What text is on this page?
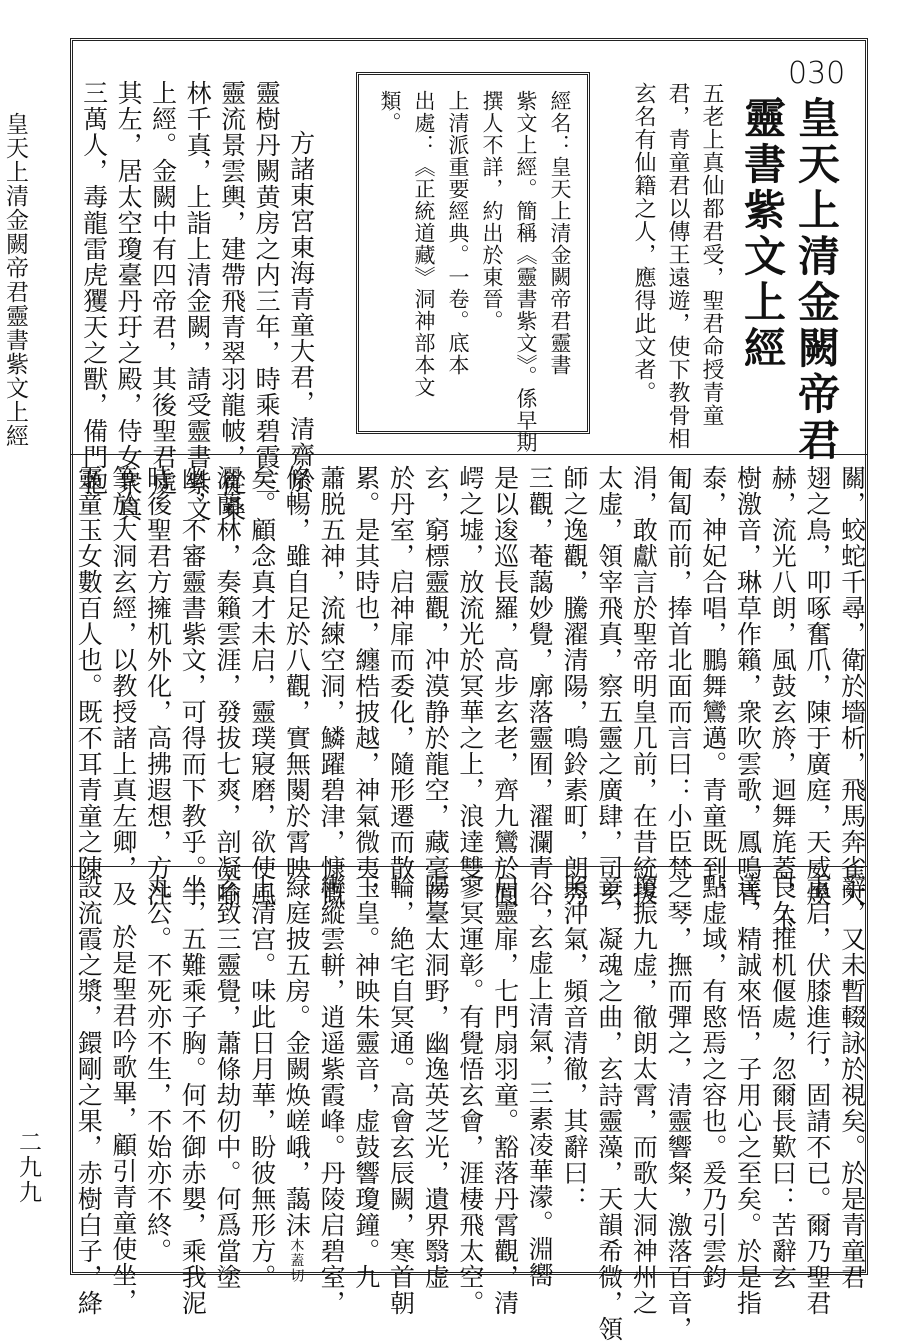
皇天上清金闕帝君靈書紫文上經
二九九
030
皇天上清金闕帝君
靈書紫文上經
五老上真仙都君受，聖君命授青童
君，青童君以傳王遠遊，使下教骨相
玄名有仙籍之人，應得此文者。
經名：皇天上清金闕帝君靈書
紫文上經。簡稱《靈書紫文》。係早期
撰人不詳，約出於東晉。
上清派重要經典。一卷。底本
出處：《正統道藏》洞神部本文
類。
方諸東宮東海青童大君，清齋於
靈樹丹闕黄房之内三年，時乘碧霞三
靈流景雲輿，建帶飛青翠羽龍帔，從桑
林千真，上詣上清金闕，請受靈書紫文
上經。金闕中有四帝君，其後聖君處
其左，居太空瓊臺丹玗之殿，侍女衆真
三萬人，毒龍雷虎玃天之獸，備門抱
關，蛟蛇千尋，衛於墻析，飛馬奔雀大
翅之鳥，叩啄奮爪，陳于廣庭，天威煥
赫，流光八朗，風鼓玄旍，迴舞旄蓋，玉
樹激音，琳草作籟，衆吹雲歌，鳳鳴青
泰，神妃合唱，鵬舞鸞邁。青童既到，
匍匐而前，捧首北面而言曰：小臣梵
涓，敢獻言於聖帝明皇几前，在昔統拔
太虚，領宰飛真，察五靈之廣肆，司玄
師之逸觀，騰濯清陽，鳴鈴素町，朗秀
三觀，菴藹妙覺，廓落靈囿，濯瀾青谷，
是以逡巡長羅，高步玄老，齊九鸞於閬
崿之墟，放流光於冥華之上，浪達雙
玄，窮標靈觀，冲漠静於龍空，藏毫芒
於丹室，启神扉而委化，隨形遷而散
累。是其時也，纏梏披越，神氣微夷，
蕭脱五神，流練空洞，鱗躍碧津，慷慨
條暢，雖自足於八觀，實無闋於霄映
矣。顧念真才未启，靈璞寢磨，欲使風
灑蘭林，奏籟雲涯，發拔七爽，剖凝喻
幽，不審靈書紫文，可得而下教乎。于
時後聖君方擁机外化，高拂遐想，方注
筆於大洞玄經，以教授諸上真左卿，及
靈童玉女數百人也。既不耳青童之陳
辭，又未暫輟詠於視矣。於是青童君
重启，伏膝進行，固請不已。爾乃聖君
良久推机偃處，忽爾長歎曰：苦辭玄
達，精誠來悟，子用心之至矣。於是指
點虚域，有愍焉之容也。爰乃引雲鈞
之琴，撫而彈之，清靈響粲，激落百音，
瓊振九虚，徹朗太霄，而歌大洞神州之
章，凝魂之曲，玄詩靈藻，天韻希微，領
照沖氣，頻音清徹，其辭曰：
玄虚上清氣，三素凌華濛。淵嚮
启靈扉，七門扇羽童。豁落丹霄觀，清
寥冥運彰。有覺悟玄會，涯棲飛太空。
陽臺太洞野，幽逸英芝光，遺界翳虚
輪，絶宅自冥通。高會玄辰闕，寒首朝
玉皇。神映朱靈音，虚鼓響瓊鐘。九
轡縱雲軿，逍遥紫霞峰。丹陵启碧室，
緑庭披五房。金闕焕嵯峨，藹沫木蓋切
上清宫。味此日月華，盼彼無形方。
玄致三靈覺，蕭條劫仞中。何爲當塗
坐，五難乘子胸。何不御赤嬰，乘我泥
丸公。不死亦不生，不始亦不終。
於是聖君吟歌畢，顧引青童使坐，
設流霞之漿，鐶剛之果，赤樹白子，絳
